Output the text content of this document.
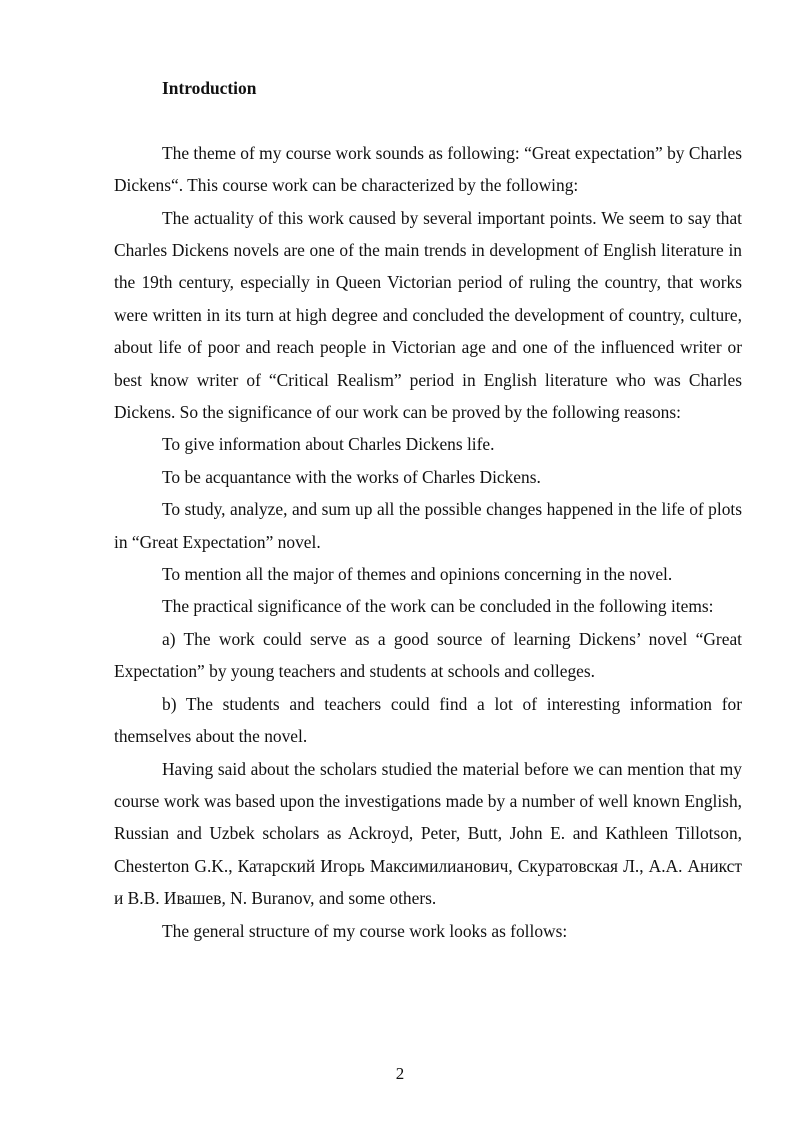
Introduction

The theme of my course work sounds as following: “Great expectation” by Charles Dickens“. This course work can be characterized by the following:

The actuality of this work caused by several important points. We seem to say that Charles Dickens novels are one of the main trends in development of English literature in the 19th century, especially in Queen Victorian period of ruling the country, that works were written in its turn at high degree and concluded the development of country, culture, about life of poor and reach people in Victorian age and one of the influenced writer or best know writer of “Critical Realism” period in English literature who was Charles Dickens. So the significance of our work can be proved by the following reasons:

To give information about Charles Dickens life.

To be acquantance with the works of Charles Dickens.

To study, analyze, and sum up all the possible changes happened in the life of plots in “Great Expectation” novel.

To mention all the major of themes and opinions concerning in the novel.

The practical significance of the work can be concluded in the following items:

a) The work could serve as a good source of learning Dickens’ novel “Great Expectation” by young teachers and students at schools and colleges.

b) The students and teachers could find a lot of interesting information for themselves about the novel.

Having said about the scholars studied the material before we can mention that my course work was based upon the investigations made by a number of well known English, Russian and Uzbek scholars as Ackroyd, Peter, Butt, John E. and Kathleen Tillotson, Chesterton G.K., Катарский Игорь Максимилианович, Скуратовская Л., А.А. Аникст и В.В. Ивашев, N. Buranov, and some others.

The general structure of my course work looks as follows:

2
